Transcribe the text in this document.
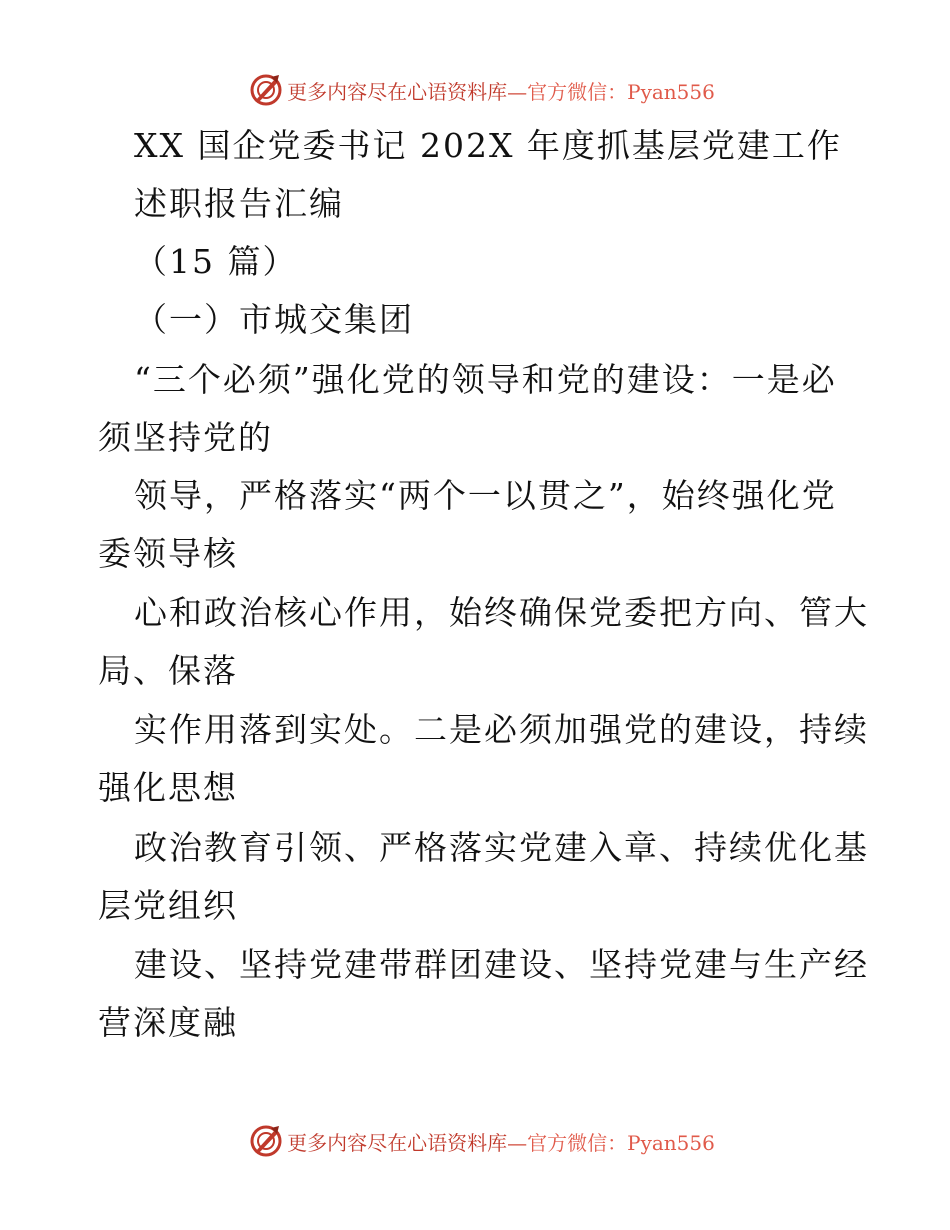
更多内容尽在心语资料库—官方微信：Pyan556
XX 国企党委书记 202X 年度抓基层党建工作
述职报告汇编
（15 篇）
（一）市城交集团
“三个必须”强化党的领导和党的建设：一是必
须坚持党的
领导，严格落实“两个一以贯之”，始终强化党
委领导核
心和政治核心作用，始终确保党委把方向、管大
局、保落
实作用落到实处。二是必须加强党的建设，持续
强化思想
政治教育引领、严格落实党建入章、持续优化基
层党组织
建设、坚持党建带群团建设、坚持党建与生产经
营深度融
更多内容尽在心语资料库—官方微信：Pyan556
